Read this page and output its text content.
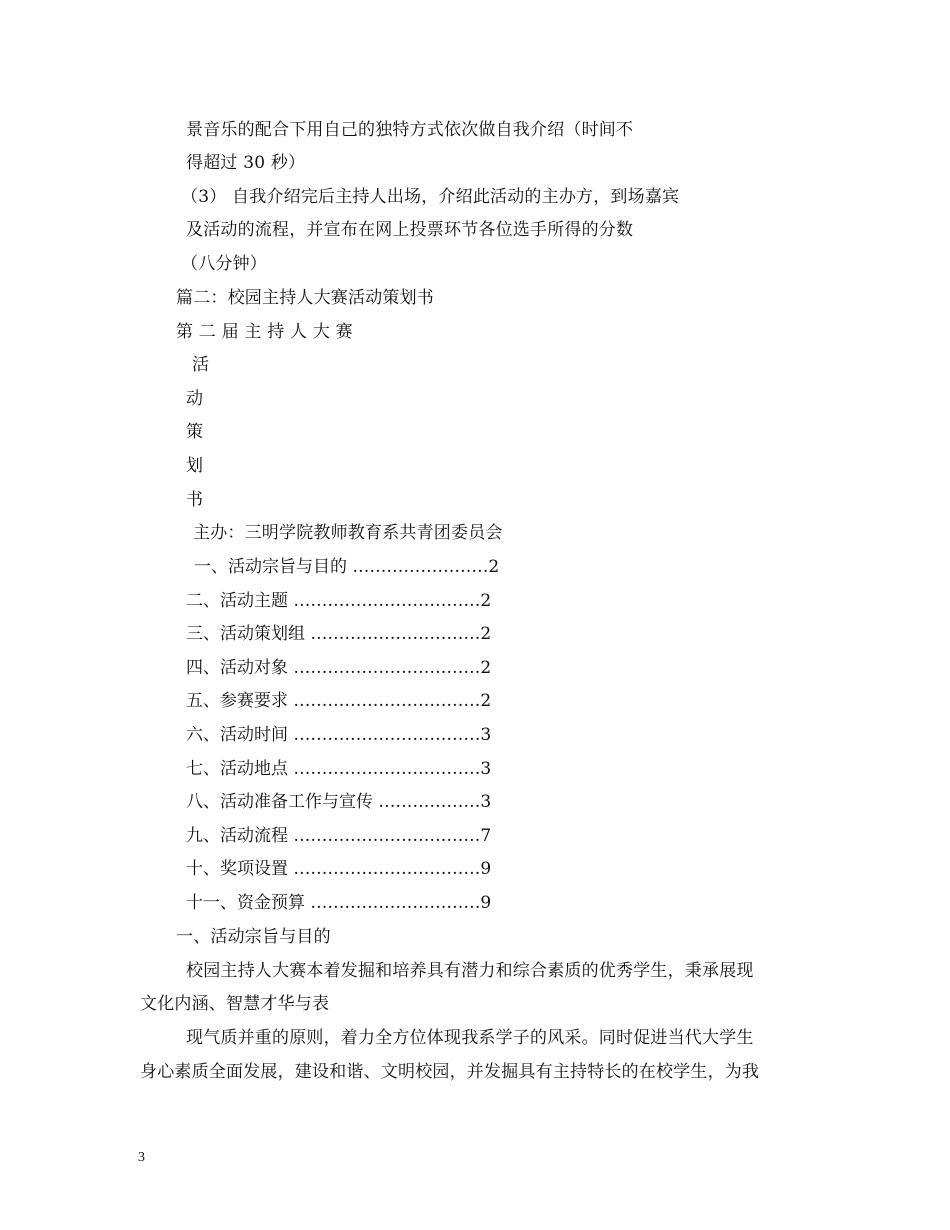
景音乐的配合下用自己的独特方式依次做自我介绍（时间不
得超过 30 秒）
（3） 自我介绍完后主持人出场，介绍此活动的主办方，到场嘉宾
及活动的流程，并宣布在网上投票环节各位选手所得的分数
（八分钟）
篇二：校园主持人大赛活动策划书
第 二 届 主 持 人 大 赛
活
动
策
划
书
主办：三明学院教师教育系共青团委员会
一、活动宗旨与目的 ……………………2
二、活动主题 ……………………………2
三、活动策划组 …………………………2
四、活动对象 ……………………………2
五、参赛要求 ……………………………2
六、活动时间 ……………………………3
七、活动地点 ……………………………3
八、活动准备工作与宣传 ………………3
九、活动流程 ……………………………7
十、奖项设置 ……………………………9
十一、资金预算 …………………………9
一、活动宗旨与目的
校园主持人大赛本着发掘和培养具有潜力和综合素质的优秀学生，秉承展现
文化内涵、智慧才华与表
现气质并重的原则，着力全方位体现我系学子的风采。同时促进当代大学生
身心素质全面发展，建设和谐、文明校园，并发掘具有主持特长的在校学生，为我
3
